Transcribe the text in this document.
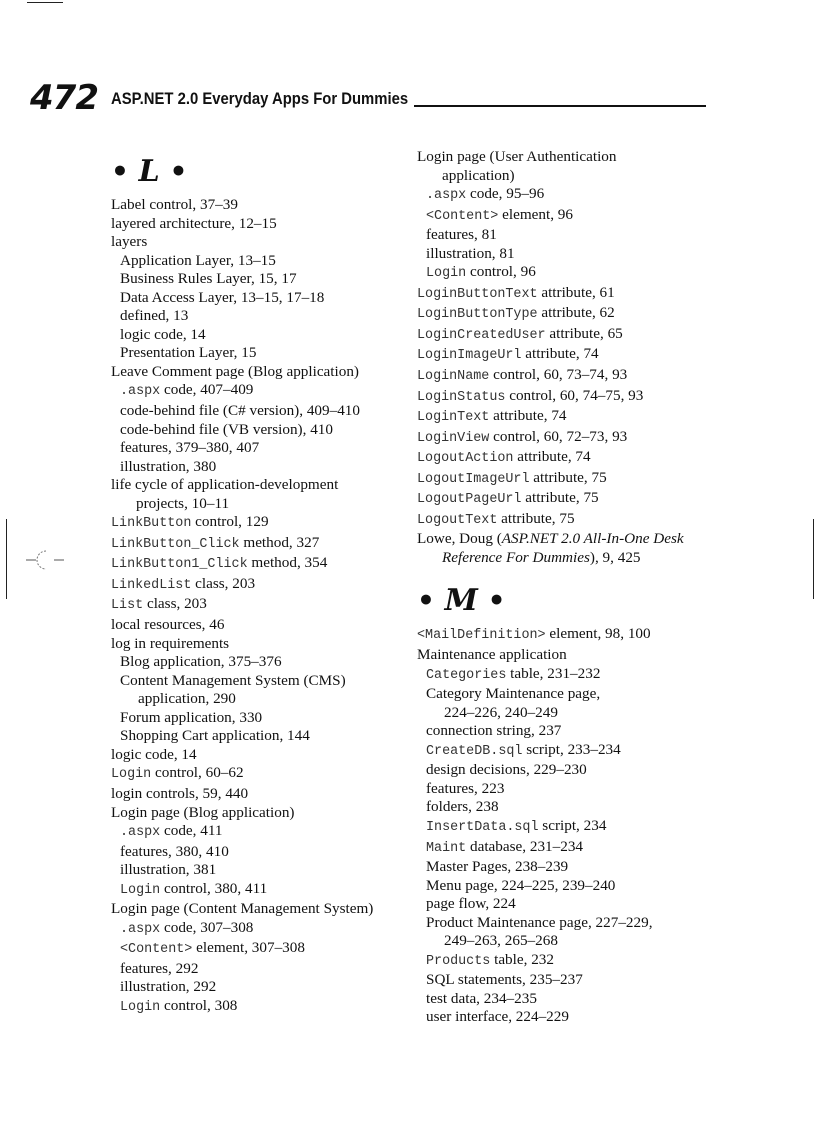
472 ASP.NET 2.0 Everyday Apps For Dummies
• L •
Label control, 37–39
layered architecture, 12–15
layers
Application Layer, 13–15
Business Rules Layer, 15, 17
Data Access Layer, 13–15, 17–18
defined, 13
logic code, 14
Presentation Layer, 15
Leave Comment page (Blog application)
.aspx code, 407–409
code-behind file (C# version), 409–410
code-behind file (VB version), 410
features, 379–380, 407
illustration, 380
life cycle of application-development
projects, 10–11
LinkButton control, 129
LinkButton_Click method, 327
LinkButton1_Click method, 354
LinkedList class, 203
List class, 203
local resources, 46
log in requirements
Blog application, 375–376
Content Management System (CMS)
application, 290
Forum application, 330
Shopping Cart application, 144
logic code, 14
Login control, 60–62
login controls, 59, 440
Login page (Blog application)
.aspx code, 411
features, 380, 410
illustration, 381
Login control, 380, 411
Login page (Content Management System)
.aspx code, 307–308
<Content> element, 307–308
features, 292
illustration, 292
Login control, 308
Login page (User Authentication
application)
.aspx code, 95–96
<Content> element, 96
features, 81
illustration, 81
Login control, 96
LoginButtonText attribute, 61
LoginButtonType attribute, 62
LoginCreatedUser attribute, 65
LoginImageUrl attribute, 74
LoginName control, 60, 73–74, 93
LoginStatus control, 60, 74–75, 93
LoginText attribute, 74
LoginView control, 60, 72–73, 93
LogoutAction attribute, 74
LogoutImageUrl attribute, 75
LogoutPageUrl attribute, 75
LogoutText attribute, 75
Lowe, Doug (ASP.NET 2.0 All-In-One Desk
Reference For Dummies), 9, 425
• M •
<MailDefinition> element, 98, 100
Maintenance application
Categories table, 231–232
Category Maintenance page,
224–226, 240–249
connection string, 237
CreateDB.sql script, 233–234
design decisions, 229–230
features, 223
folders, 238
InsertData.sql script, 234
Maint database, 231–234
Master Pages, 238–239
Menu page, 224–225, 239–240
page flow, 224
Product Maintenance page, 227–229,
249–263, 265–268
Products table, 232
SQL statements, 235–237
test data, 234–235
user interface, 224–229
